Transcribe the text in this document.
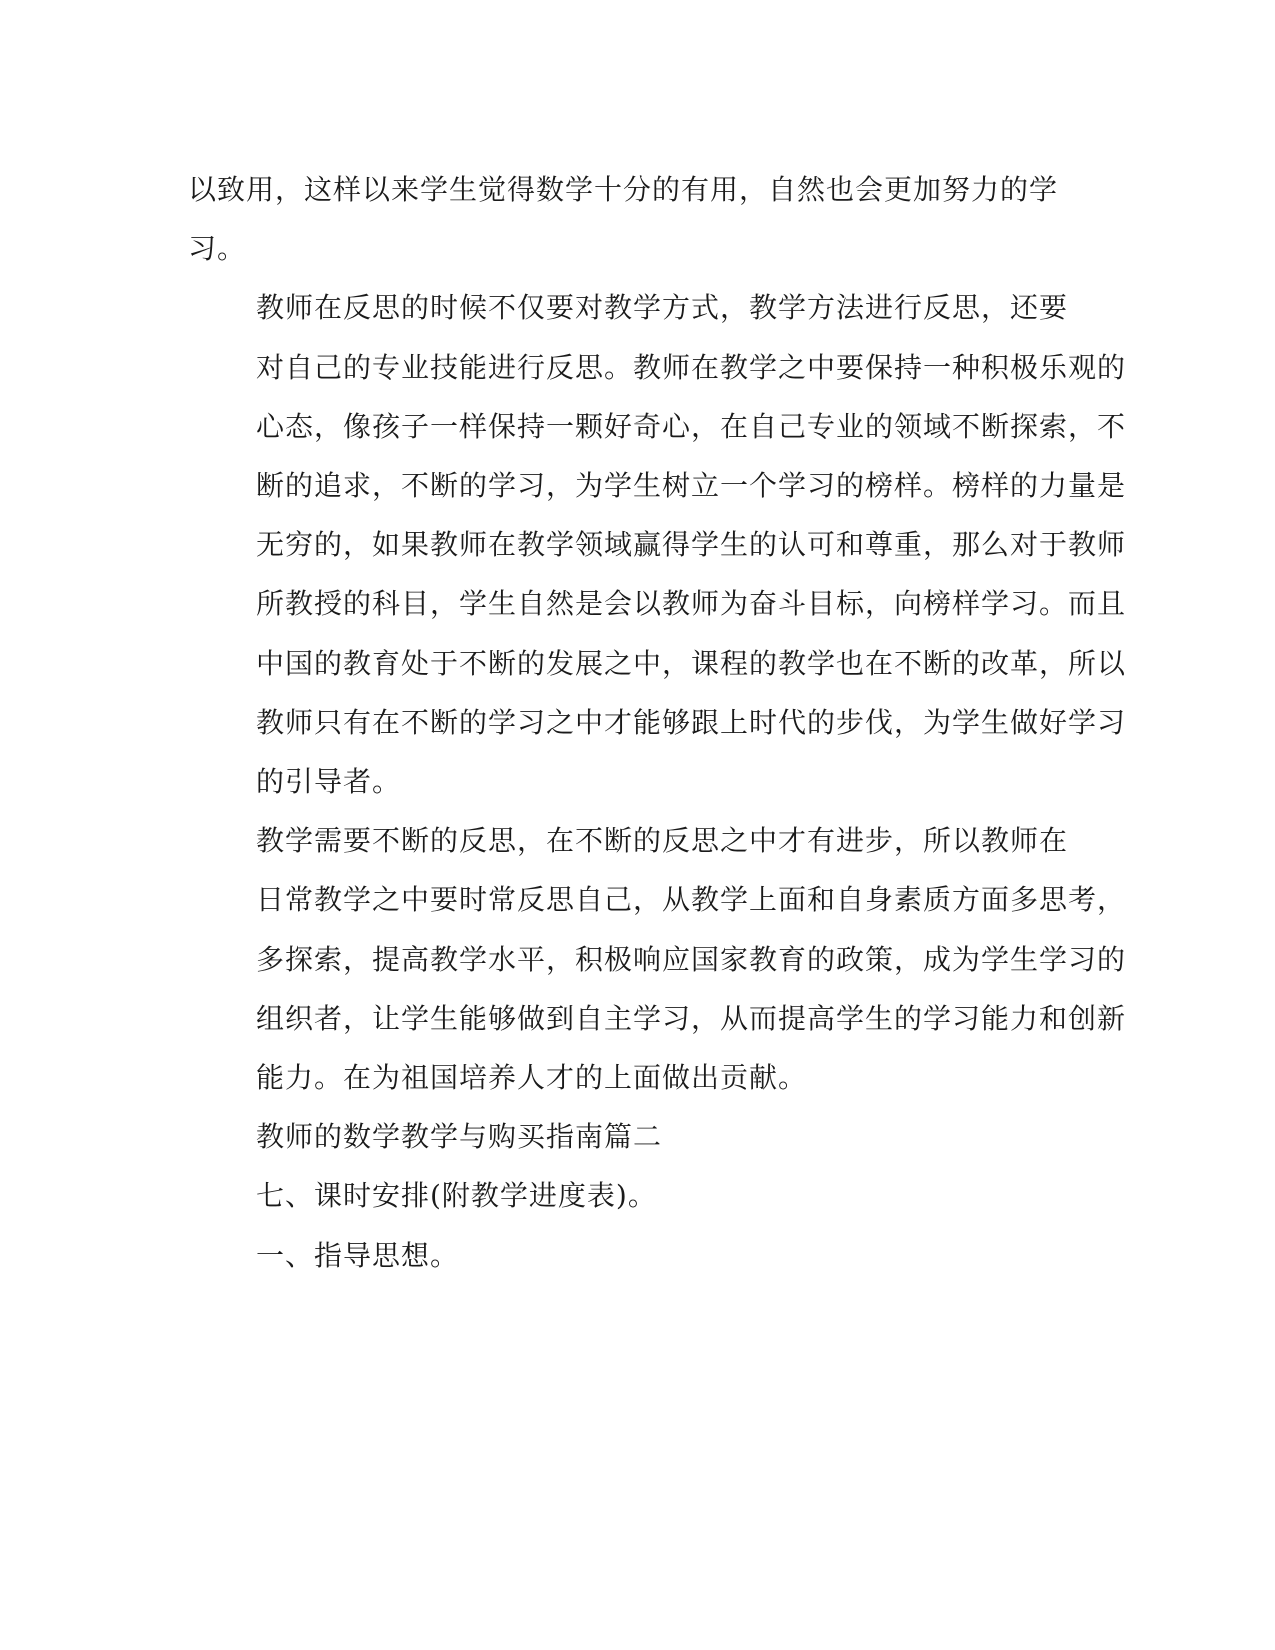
以致用，这样以来学生觉得数学十分的有用，自然也会更加努力的学
习。
教师在反思的时候不仅要对教学方式，教学方法进行反思，还要
对自己的专业技能进行反思。教师在教学之中要保持一种积极乐观的
心态，像孩子一样保持一颗好奇心，在自己专业的领域不断探索，不
断的追求，不断的学习，为学生树立一个学习的榜样。榜样的力量是
无穷的，如果教师在教学领域赢得学生的认可和尊重，那么对于教师
所教授的科目，学生自然是会以教师为奋斗目标，向榜样学习。而且
中国的教育处于不断的发展之中，课程的教学也在不断的改革，所以
教师只有在不断的学习之中才能够跟上时代的步伐，为学生做好学习
的引导者。
教学需要不断的反思，在不断的反思之中才有进步，所以教师在
日常教学之中要时常反思自己，从教学上面和自身素质方面多思考，
多探索，提高教学水平，积极响应国家教育的政策，成为学生学习的
组织者，让学生能够做到自主学习，从而提高学生的学习能力和创新
能力。在为祖国培养人才的上面做出贡献。
教师的数学教学与购买指南篇二
七、课时安排(附教学进度表)。
一、指导思想。
